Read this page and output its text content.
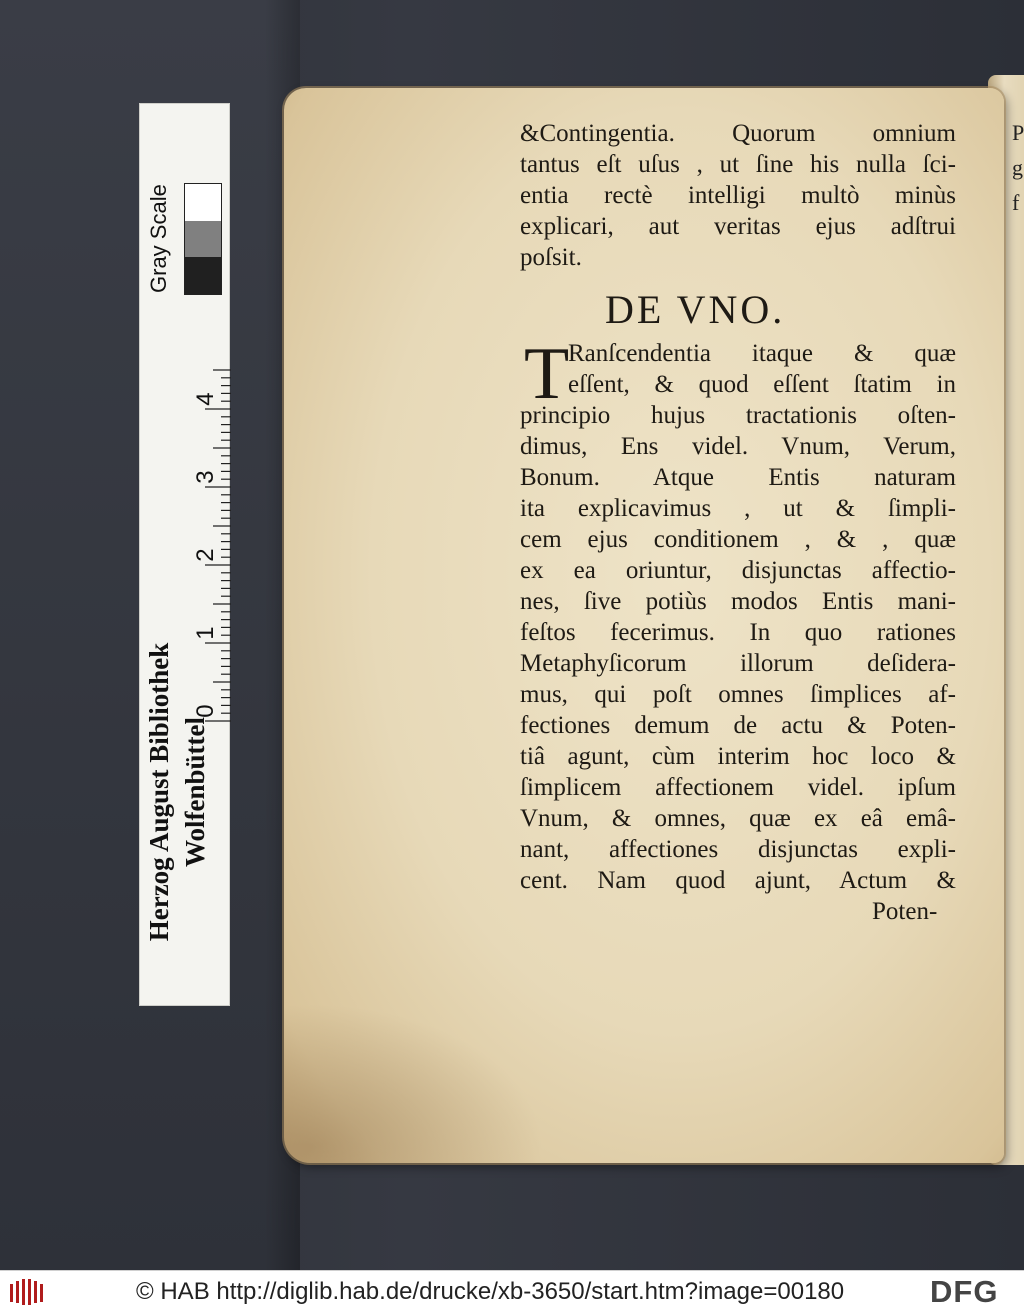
Herzog August Bibliothek Wolfenbüttel
0
1
2
3
4
Gray Scale
P
g
f
&Contingentia. Quorum omnium
tantus eſt uſus , ut ſine his nulla ſci-
entia rectè intelligi multò minùs
explicari, aut veritas ejus adſtrui
poſsit.
DE VNO.
T
Ranſcendentia itaque & quæ
eſſent, & quod eſſent ſtatim in
principio hujus tractationis oſten-
dimus, Ens videl. Vnum, Verum,
Bonum. Atque Entis naturam
ita explicavimus , ut & ſimpli-
cem ejus conditionem , & , quæ
ex ea oriuntur, disjunctas affectio-
nes, ſive potiùs modos Entis mani-
feſtos fecerimus. In quo rationes
Metaphyſicorum illorum deſidera-
mus, qui poſt omnes ſimplices af-
fectiones demum de actu & Poten-
tiâ agunt, cùm interim hoc loco &
ſimplicem affectionem videl. ipſum
Vnum, & omnes, quæ ex eâ emâ-
nant, affectiones disjunctas expli-
cent. Nam quod ajunt, Actum &
Poten-
© HAB http://diglib.hab.de/drucke/xb-3650/start.htm?image=00180	DFG
